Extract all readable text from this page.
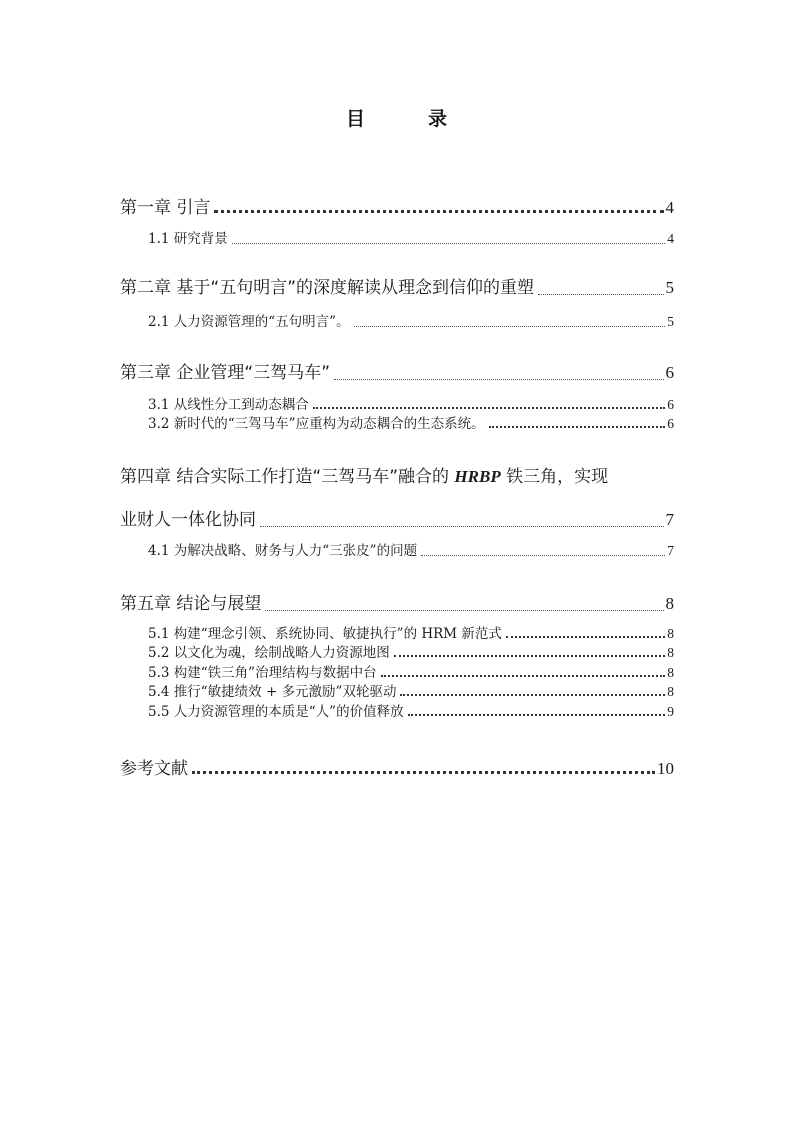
目　录
第一章 引言	4
1.1 研究背景	4
第二章 基于“五句明言”的深度解读从理念到信仰的重塑	5
2.1 人力资源管理的“五句明言”。	5
第三章 企业管理“三驾马车”	6
3.1 从线性分工到动态耦合	6
3.2 新时代的“三驾马车”应重构为动态耦合的生态系统。	6
第四章 结合实际工作打造“三驾马车”融合的 HRBP 铁三角，实现
业财人一体化协同	7
4.1 为解决战略、财务与人力“三张皮”的问题	7
第五章 结论与展望	8
5.1 构建“理念引领、系统协同、敏捷执行”的 HRM 新范式	8
5.2 以文化为魂，绘制战略人力资源地图	8
5.3 构建“铁三角”治理结构与数据中台	8
5.4 推行“敏捷绩效 + 多元激励”双轮驱动	8
5.5 人力资源管理的本质是“人”的价值释放	9
参考文献	10
